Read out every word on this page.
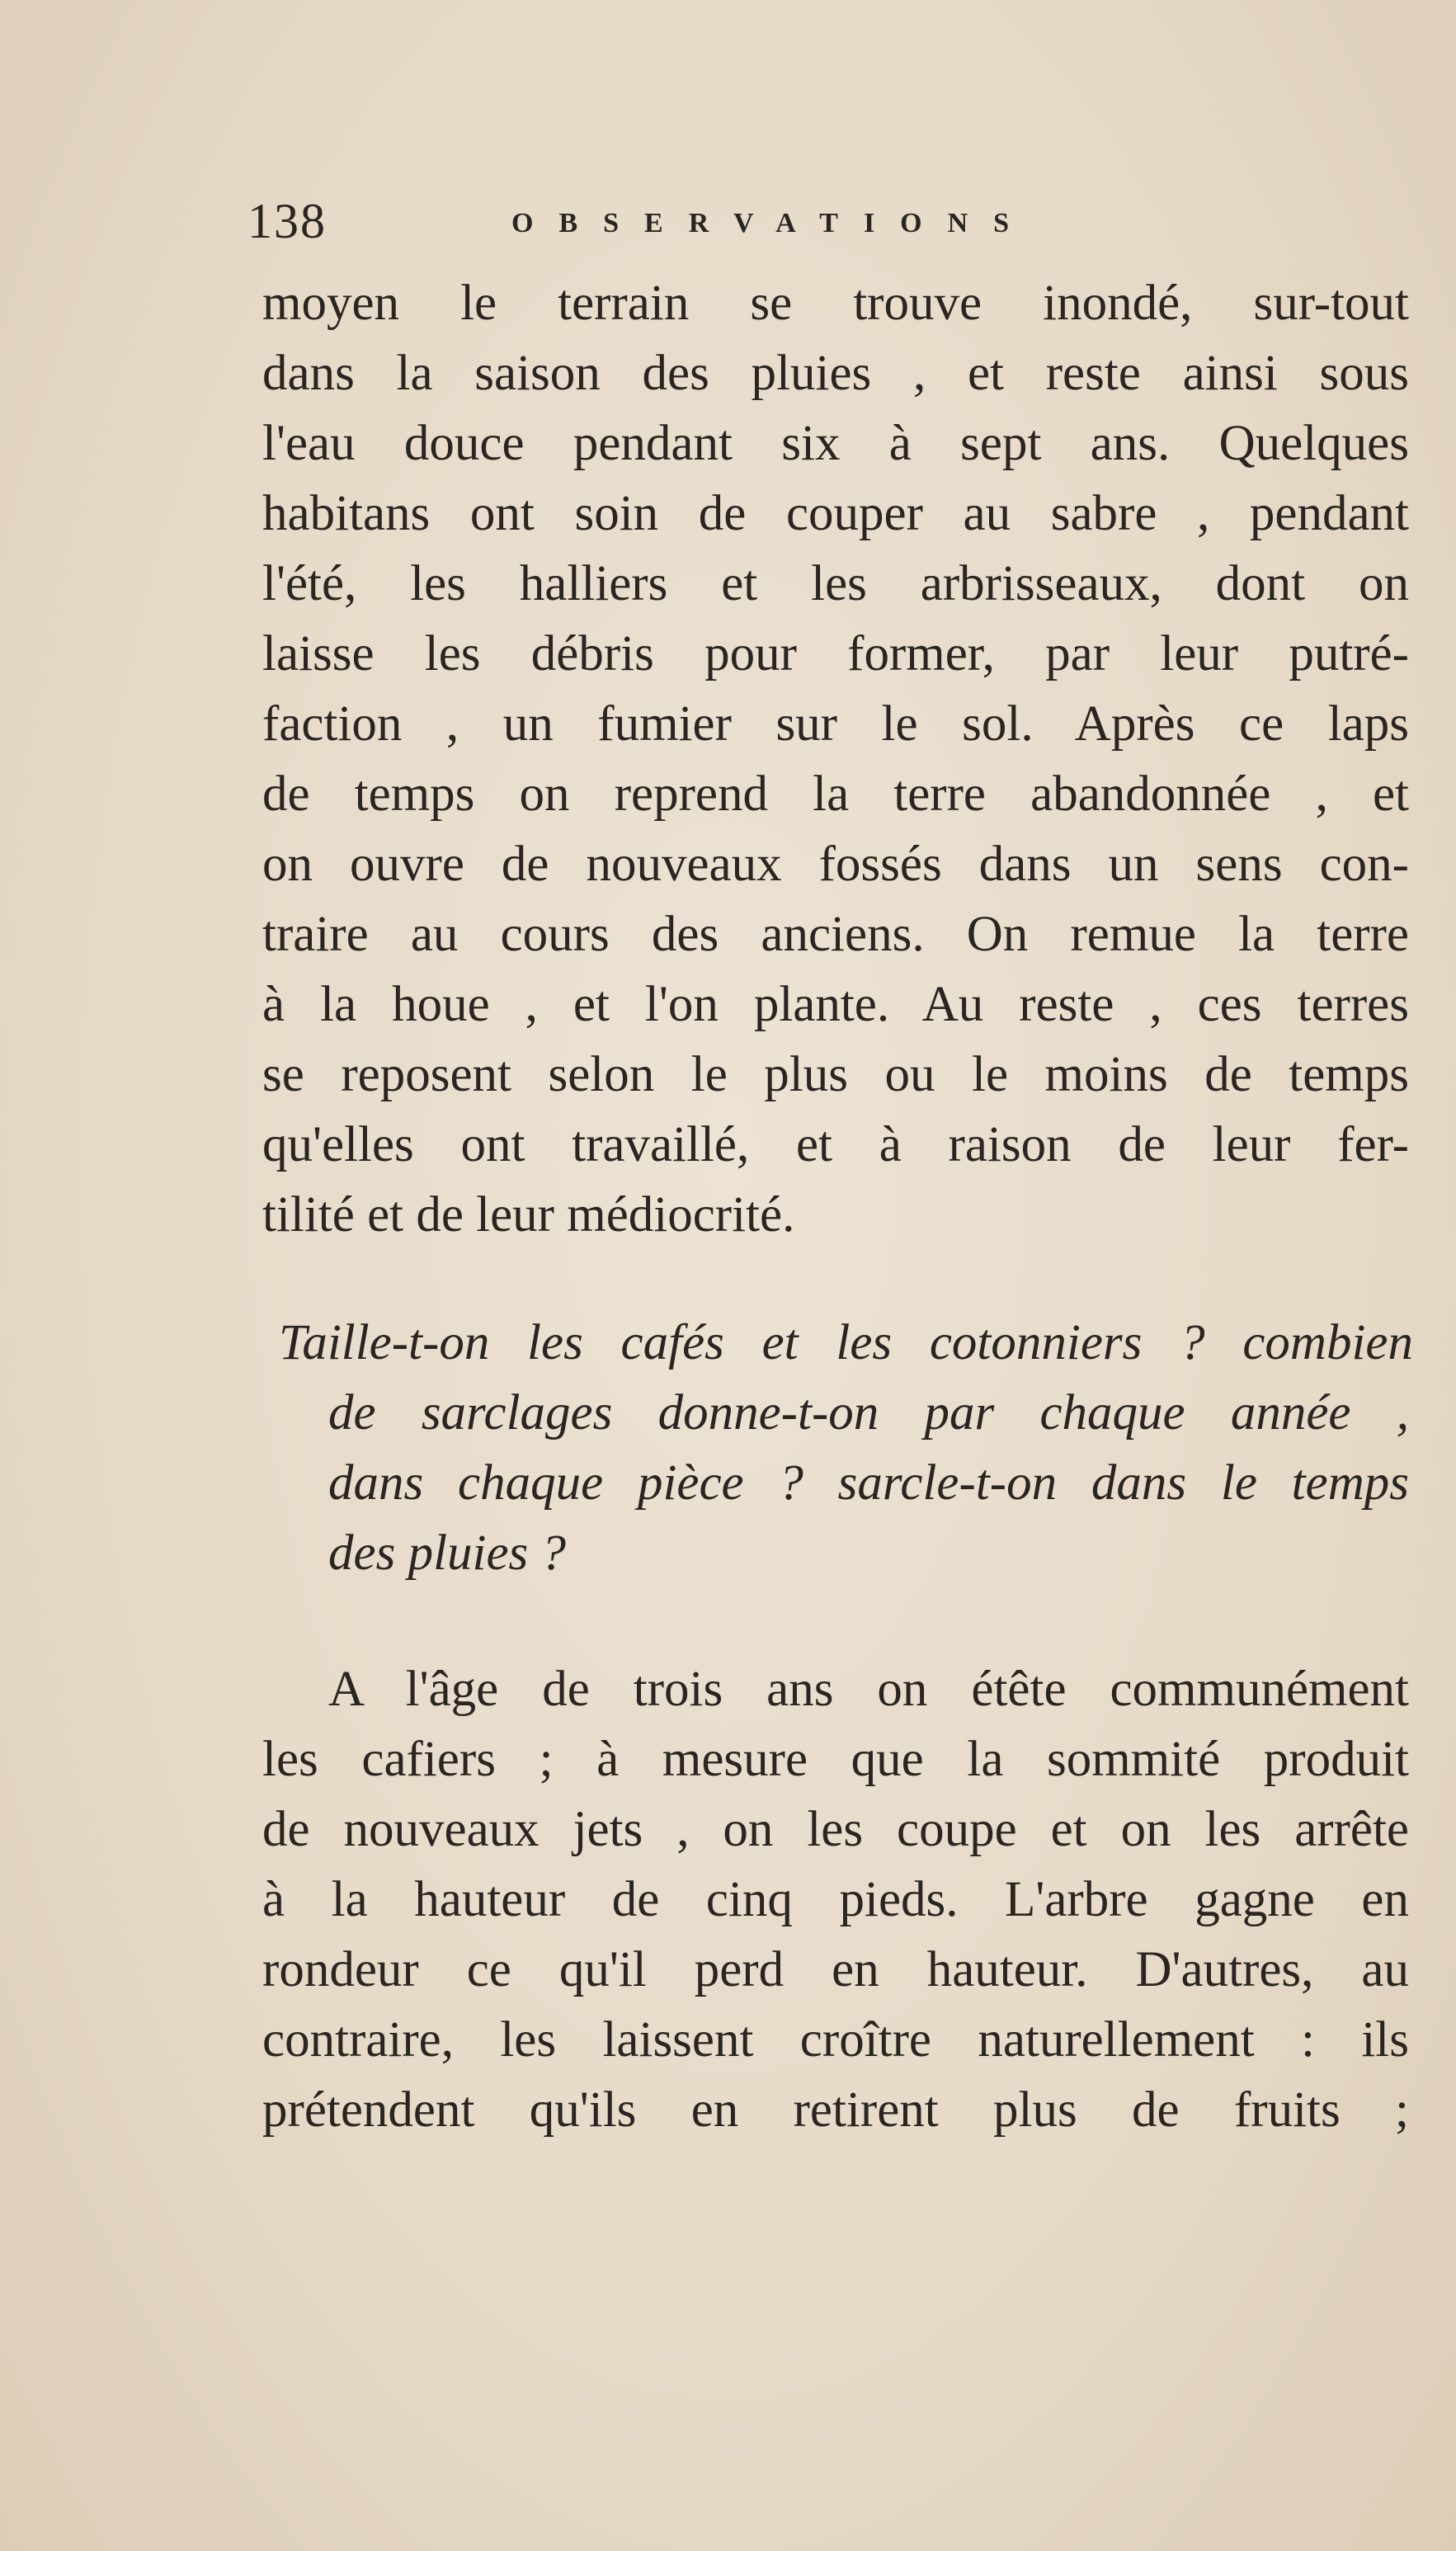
138	OBSERVATIONS
moyen le terrain se trouve inondé, sur-tout
dans la saison des pluies , et reste ainsi sous
l'eau douce pendant six à sept ans. Quelques
habitans ont soin de couper au sabre , pendant
l'été, les halliers et les arbrisseaux, dont on
laisse les débris pour former, par leur putré-
faction , un fumier sur le sol. Après ce laps
de temps on reprend la terre abandonnée , et
on ouvre de nouveaux fossés dans un sens con-
traire au cours des anciens. On remue la terre
à la houe , et l'on plante. Au reste , ces terres
se reposent selon le plus ou le moins de temps
qu'elles ont travaillé, et à raison de leur fer-
tilité et de leur médiocrité.
Taille-t-on les cafés et les cotonniers ? combien
de sarclages donne-t-on par chaque année ,
dans chaque pièce ? sarcle-t-on dans le temps
des pluies ?
A l'âge de trois ans on étête communément
les cafiers ; à mesure que la sommité produit
de nouveaux jets , on les coupe et on les arrête
à la hauteur de cinq pieds. L'arbre gagne en
rondeur ce qu'il perd en hauteur. D'autres, au
contraire, les laissent croître naturellement : ils
prétendent qu'ils en retirent plus de fruits ;
